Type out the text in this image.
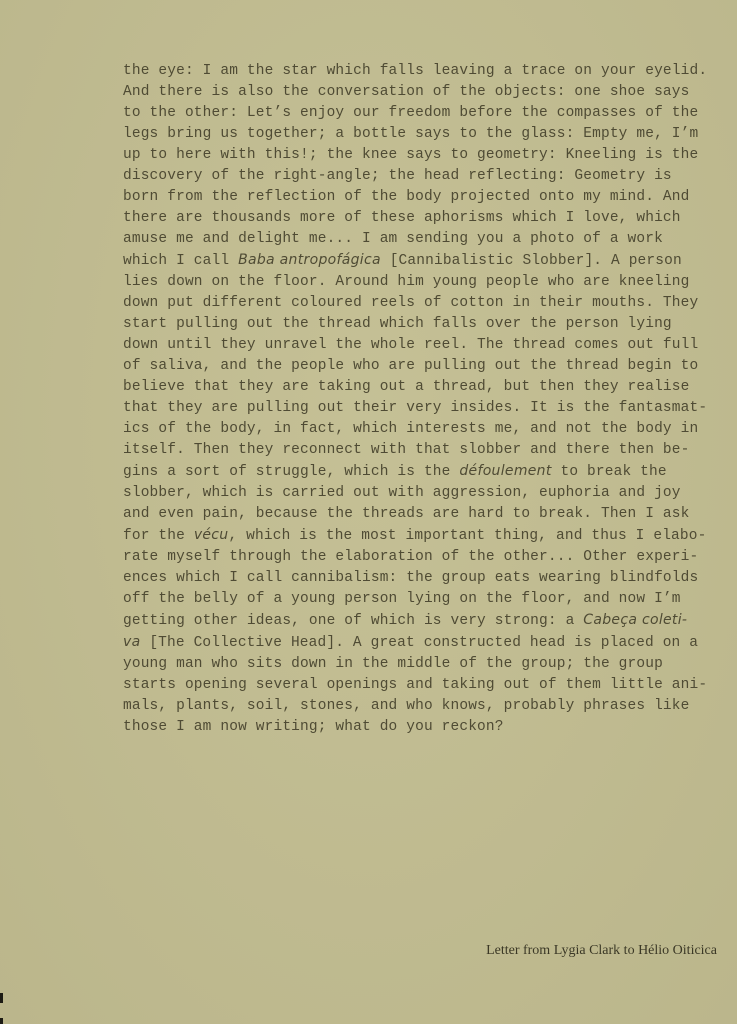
the eye: I am the star which falls leaving a trace on your eyelid.
And there is also the conversation of the objects: one shoe says
to the other: Let’s enjoy our freedom before the compasses of the
legs bring us together; a bottle says to the glass: Empty me, I’m
up to here with this!; the knee says to geometry: Kneeling is the
discovery of the right-angle; the head reflecting: Geometry is
born from the reflection of the body projected onto my mind. And
there are thousands more of these aphorisms which I love, which
amuse me and delight me... I am sending you a photo of a work
which I call Baba antropofágica [Cannibalistic Slobber]. A person
lies down on the floor. Around him young people who are kneeling
down put different coloured reels of cotton in their mouths. They
start pulling out the thread which falls over the person lying
down until they unravel the whole reel. The thread comes out full
of saliva, and the people who are pulling out the thread begin to
believe that they are taking out a thread, but then they realise
that they are pulling out their very insides. It is the fantasmat-
ics of the body, in fact, which interests me, and not the body in
itself. Then they reconnect with that slobber and there then be-
gins a sort of struggle, which is the défoulement to break the
slobber, which is carried out with aggression, euphoria and joy
and even pain, because the threads are hard to break. Then I ask
for the vécu, which is the most important thing, and thus I elabo-
rate myself through the elaboration of the other... Other experi-
ences which I call cannibalism: the group eats wearing blindfolds
off the belly of a young person lying on the floor, and now I’m
getting other ideas, one of which is very strong: a Cabeça coleti-
va [The Collective Head]. A great constructed head is placed on a
young man who sits down in the middle of the group; the group
starts opening several openings and taking out of them little ani-
mals, plants, soil, stones, and who knows, probably phrases like
those I am now writing; what do you reckon?
Letter from Lygia Clark to Hélio Oiticica
